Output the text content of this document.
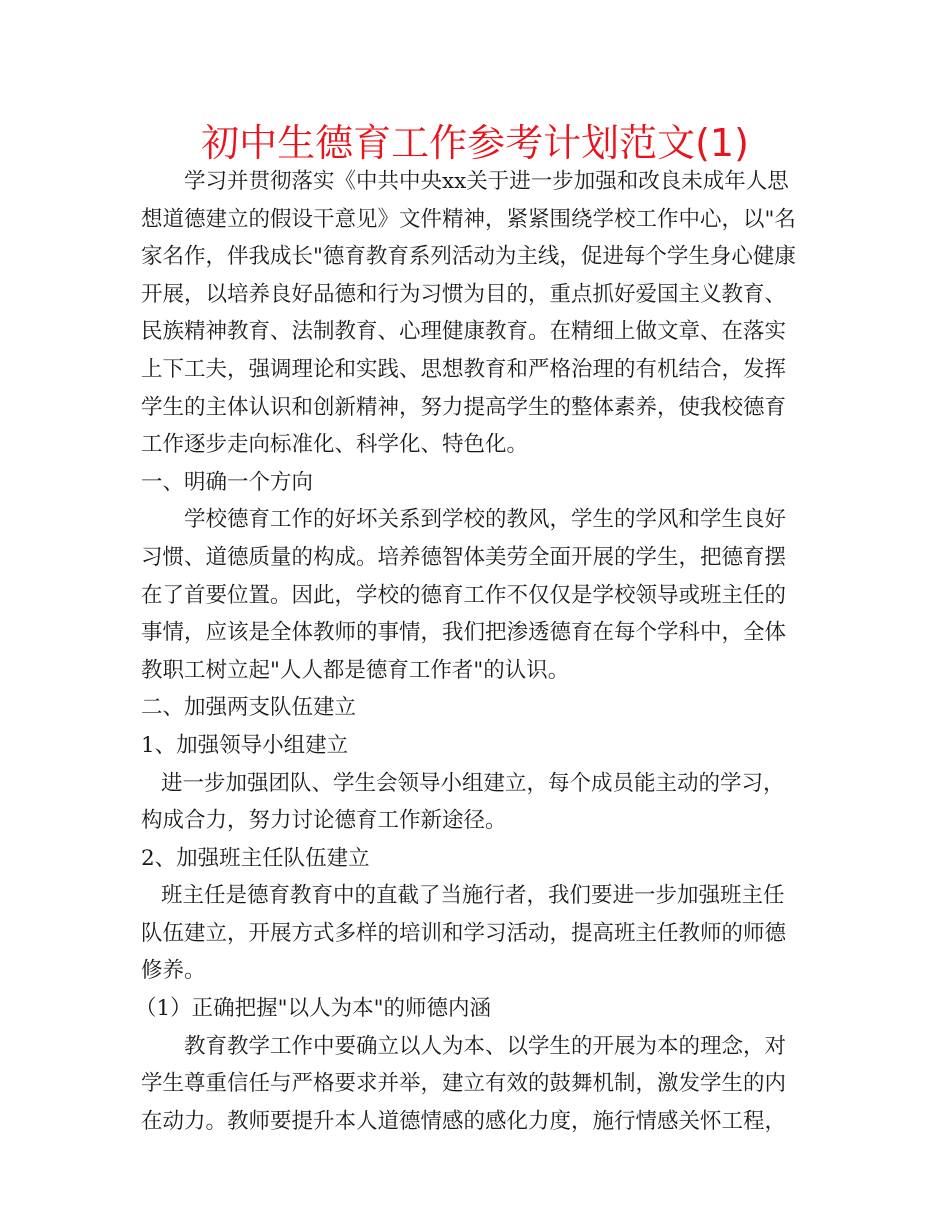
初中生德育工作参考计划范文(1)

学习并贯彻落实《中共中央xx关于进一步加强和改良未成年人思

想道德建立的假设干意见》文件精神，紧紧围绕学校工作中心，以"名

家名作，伴我成长"德育教育系列活动为主线，促进每个学生身心健康

开展，以培养良好品德和行为习惯为目的，重点抓好爱国主义教育、

民族精神教育、法制教育、心理健康教育。在精细上做文章、在落实

上下工夫，强调理论和实践、思想教育和严格治理的有机结合，发挥

学生的主体认识和创新精神，努力提高学生的整体素养，使我校德育

工作逐步走向标准化、科学化、特色化。

一、明确一个方向

学校德育工作的好坏关系到学校的教风，学生的学风和学生良好

习惯、道德质量的构成。培养德智体美劳全面开展的学生，把德育摆

在了首要位置。因此，学校的德育工作不仅仅是学校领导或班主任的

事情，应该是全体教师的事情，我们把渗透德育在每个学科中，全体

教职工树立起"人人都是德育工作者"的认识。

二、加强两支队伍建立

1、加强领导小组建立

进一步加强团队、学生会领导小组建立，每个成员能主动的学习，

构成合力，努力讨论德育工作新途径。

2、加强班主任队伍建立

班主任是德育教育中的直截了当施行者，我们要进一步加强班主任

队伍建立，开展方式多样的培训和学习活动，提高班主任教师的师德

修养。

（1）正确把握"以人为本"的师德内涵

教育教学工作中要确立以人为本、以学生的开展为本的理念，对

学生尊重信任与严格要求并举，建立有效的鼓舞机制，激发学生的内

在动力。教师要提升本人道德情感的感化力度，施行情感关怀工程，
